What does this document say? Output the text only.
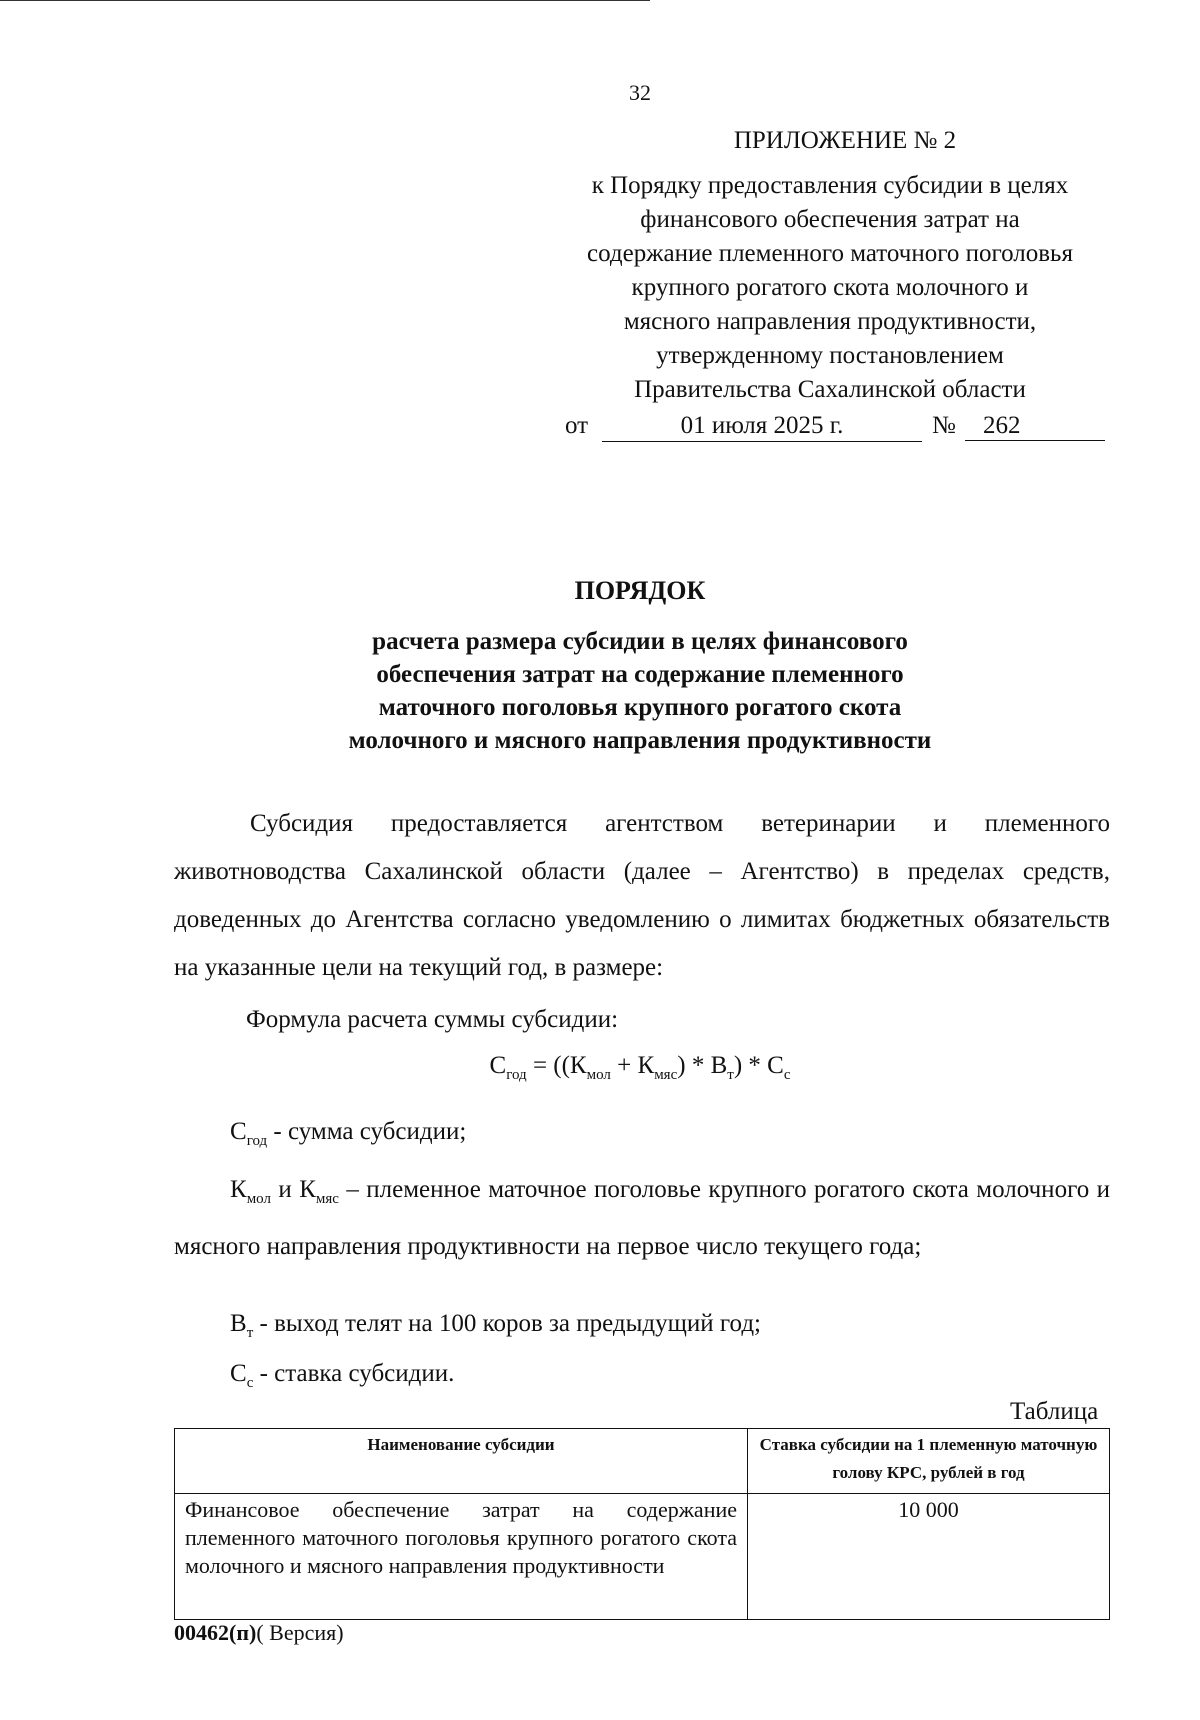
32
ПРИЛОЖЕНИЕ № 2
к Порядку предоставления субсидии в целях
финансового обеспечения затрат на
содержание племенного маточного поголовья
крупного рогатого скота молочного и
мясного направления продуктивности,
утвержденному постановлением
Правительства Сахалинской области
от	01 июля 2025 г.	№	262
ПОРЯДОК
расчета размера субсидии в целях финансового
обеспечения затрат на содержание племенного
маточного поголовья крупного рогатого скота
молочного и мясного направления продуктивности
Субсидия предоставляется агентством ветеринарии и племенного животноводства Сахалинской области (далее – Агентство) в пределах средств, доведенных до Агентства согласно уведомлению о лимитах бюджетных обязательств на указанные цели на текущий год, в размере:
Формула расчета суммы субсидии:
$С_{год} = ((К_{мол} + К_{мяс}) * В_т) * С_с$
$С_{год}$ - сумма субсидии;
$К_{мол}$ и $К_{мяс}$ – племенное маточное поголовье крупного рогатого скота молочного и мясного направления продуктивности на первое число текущего года;
$В_т$ - выход телят на 100 коров за предыдущий год;
$С_с$ - ставка субсидии.
Таблица
Наименование субсидии	Ставка субсидии на 1 племенную маточную голову КРС, рублей в год
Финансовое обеспечение затрат на содержание племенного маточного поголовья крупного рогатого скота молочного и мясного направления продуктивности	10 000
00462(п)( Версия)
